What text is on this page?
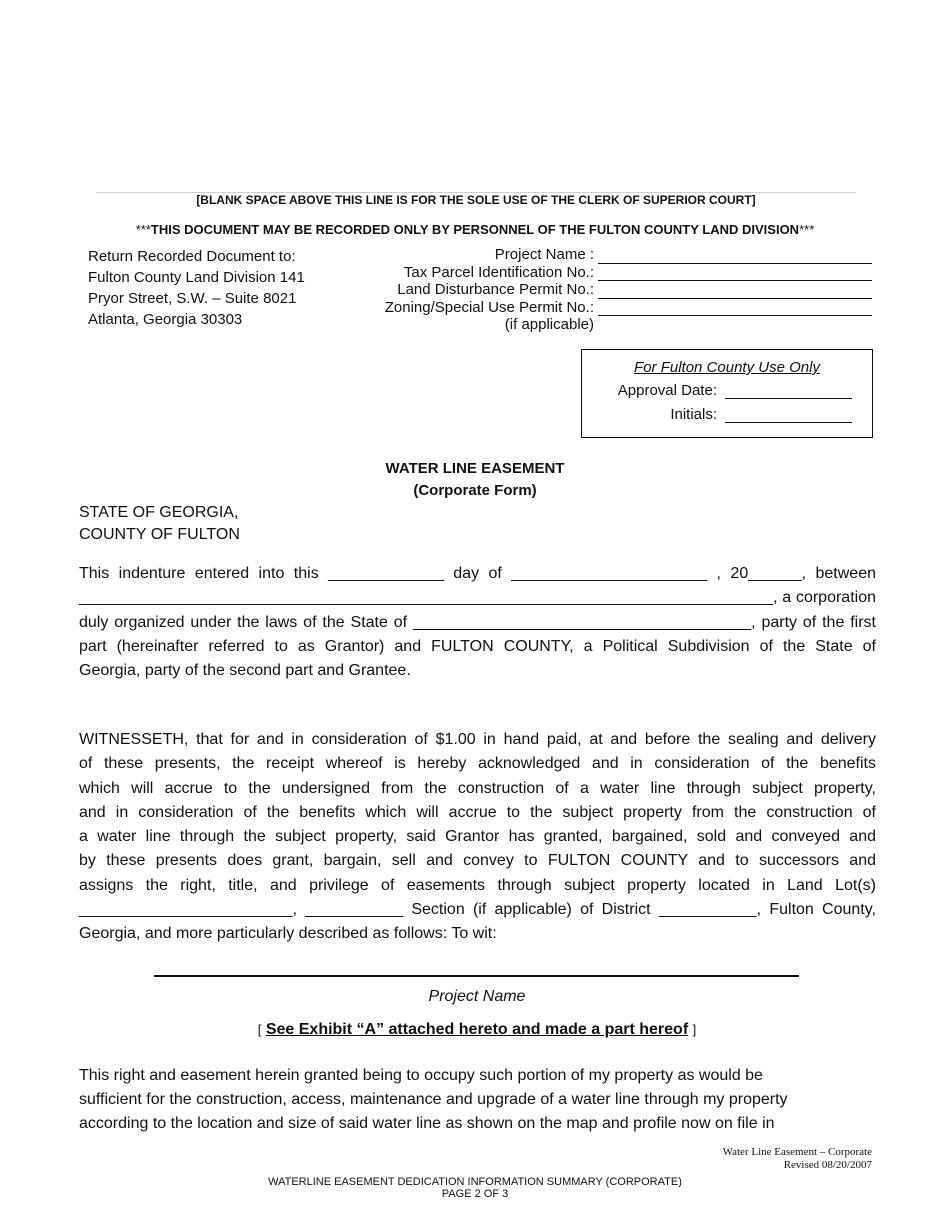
[BLANK SPACE ABOVE THIS LINE IS FOR THE SOLE USE OF THE CLERK OF SUPERIOR COURT]
***THIS DOCUMENT MAY BE RECORDED ONLY BY PERSONNEL OF THE FULTON COUNTY LAND DIVISION***
Return Recorded Document to:
Fulton County Land Division 141
Pryor Street, S.W. – Suite 8021
Atlanta, Georgia 30303
Project Name :
Tax Parcel Identification No.:
Land Disturbance Permit No.:
Zoning/Special Use Permit No.:
(if applicable)
For Fulton County Use Only
Approval Date:
Initials:
WATER LINE EASEMENT
(Corporate Form)
STATE OF GEORGIA,
COUNTY OF FULTON

This indenture entered into this _____________ day of ______________________ , 20______, between

______________________________________________________________________________, a corporation

duly organized under the laws of the State of ______________________________________, party of the first

part (hereinafter referred to as Grantor) and FULTON COUNTY, a Political Subdivision of the State of

Georgia, party of the second part and Grantee.

WITNESSETH, that for and in consideration of $1.00 in hand paid, at and before the sealing and delivery

of these presents, the receipt whereof is hereby acknowledged and in consideration of the benefits

which will accrue to the undersigned from the construction of a water line through subject property,

and in consideration of the benefits which will accrue to the subject property from the construction of

a water line through the subject property, said Grantor has granted, bargained, sold and conveyed and

by these presents does grant, bargain, sell and convey to FULTON COUNTY and to successors and

assigns the right, title, and privilege of easements through subject property located in Land Lot(s)

________________________, ___________ Section (if applicable) of District ___________, Fulton County,

Georgia, and more particularly described as follows: To wit:

Project Name
[ See Exhibit “A” attached hereto and made a part hereof ]
This right and easement herein granted being to occupy such portion of my property as would be
sufficient for the construction, access, maintenance and upgrade of a water line through my property
according to the location and size of said water line as shown on the map and profile now on file in
Water Line Easement – Corporate
Revised 08/20/2007
WATERLINE EASEMENT DEDICATION INFORMATION SUMMARY (CORPORATE)
PAGE 2 OF 3
